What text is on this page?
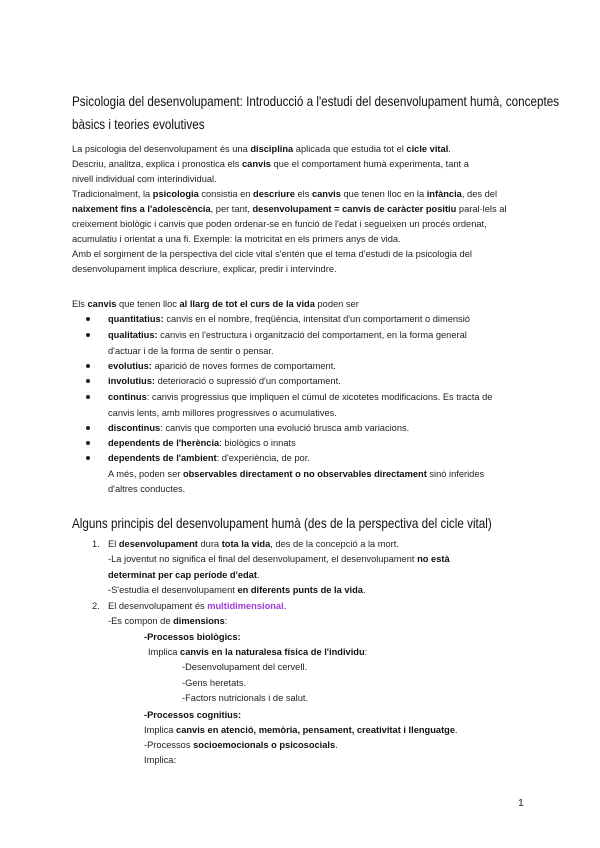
Psicologia del desenvolupament: Introducció a l'estudi del desenvolupament humà, conceptes
bàsics i teories evolutives
La psicologia del desenvolupament és una disciplina aplicada que estudia tot el cicle vital.
Descriu, analitza, explica i pronostica els canvis que el comportament humà experimenta, tant a
nivell individual com interindividual.
Tradicionalment, la psicologia consistia en descriure els canvis que tenen lloc en la infància, des del
naixement fins a l'adolescència, per tant, desenvolupament = canvis de caràcter positiu paral·lels al
creixement biològic i canvis que poden ordenar-se en funció de l'edat i segueixen un procés ordenat,
acumulatiu i orientat a una fi. Exemple: la motricitat en els primers anys de vida.
Amb el sorgiment de la perspectiva del cicle vital s'entén que el tema d'estudi de la psicologia del
desenvolupament implica descriure, explicar, predir i intervindre.
Els canvis que tenen lloc al llarg de tot el curs de la vida poden ser
quantitatius: canvis en el nombre, freqüència, intensitat d'un comportament o dimensió
qualitatius: canvis en l'estructura i organització del comportament, en la forma general
d'actuar i de la forma de sentir o pensar.
evolutius: aparició de noves formes de comportament.
involutius: deterioració o supressió d'un comportament.
continus: canvis progressius que impliquen el cúmul de xicotetes modificacions. Es tracta de
canvis lents, amb millores progressives o acumulatives.
discontinus: canvis que comporten una evolució brusca amb variacions.
dependents de l'herència: biològics o innats
dependents de l'ambient: d'experiència, de por.
A més, poden ser observables directament o no observables directament sinó inferides
d'altres conductes.
Alguns principis del desenvolupament humà (des de la perspectiva del cicle vital)
1. El desenvolupament dura tota la vida, des de la concepció a la mort.
-La joventut no significa el final del desenvolupament, el desenvolupament no està
determinat per cap període d'edat.
-S'estudia el desenvolupament en diferents punts de la vida.
2. El desenvolupament és multidimensional.
-Es compon de dimensions:
-Processos biològics:
Implica canvis en la naturalesa física de l'individu:
-Desenvolupament del cervell.
-Gens heretats.
-Factors nutricionals i de salut.
-Processos cognitius:
Implica canvis en atenció, memòria, pensament, creativitat i llenguatge.
-Processos socioemocionals o psicosocials.
Implica:
1
